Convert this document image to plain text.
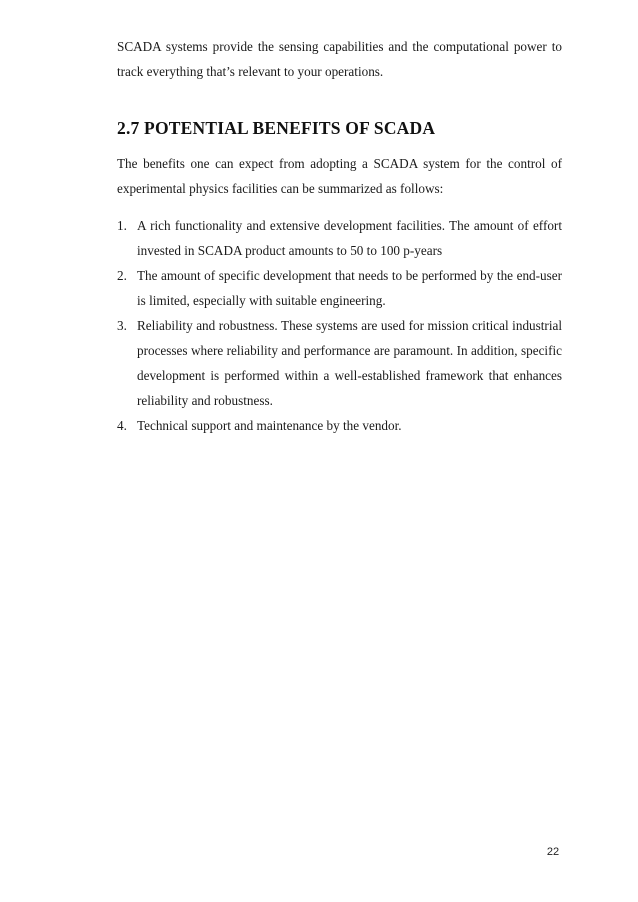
SCADA systems provide the sensing capabilities and the computational power to track everything that’s relevant to your operations.

2.7 POTENTIAL BENEFITS OF SCADA

The benefits one can expect from adopting a SCADA system for the control of experimental physics facilities can be summarized as follows:

1. A rich functionality and extensive development facilities. The amount of effort invested in SCADA product amounts to 50 to 100 p-years
2. The amount of specific development that needs to be performed by the end-user is limited, especially with suitable engineering.
3. Reliability and robustness. These systems are used for mission critical industrial processes where reliability and performance are paramount. In addition, specific development is performed within a well-established framework that enhances reliability and robustness.
4. Technical support and maintenance by the vendor.
22
